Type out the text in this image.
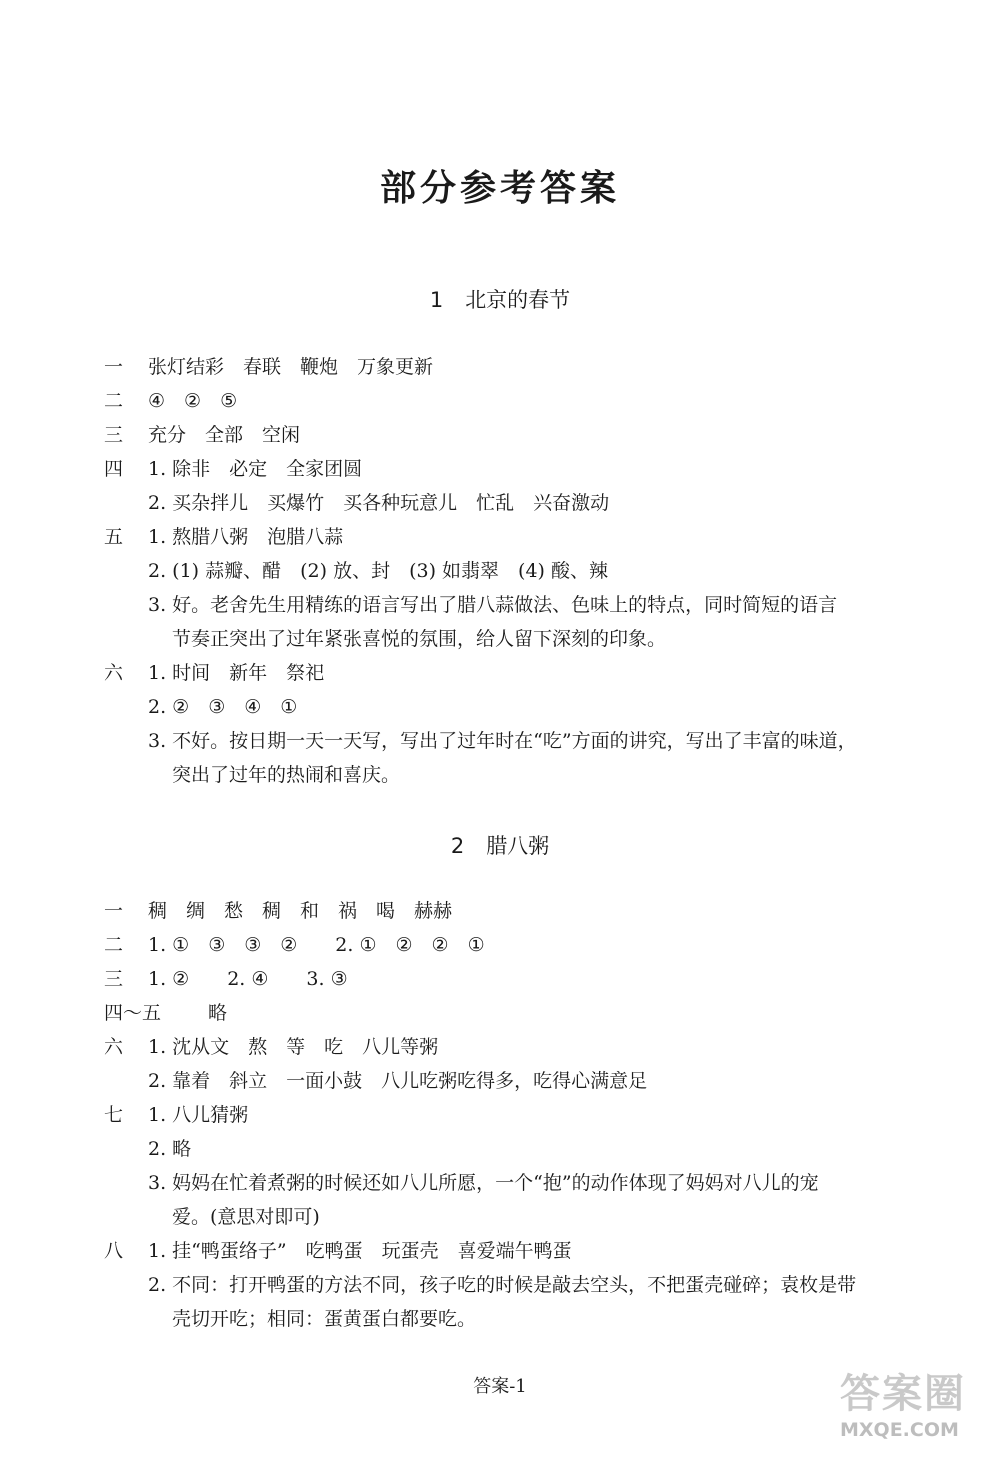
部分参考答案
1 北京的春节
一 张灯结彩　春联　鞭炮　万象更新
二 ④　②　⑤
三 充分　全部　空闲
四 1. 除非　必定　全家团圆
2. 买杂拌儿　买爆竹　买各种玩意儿　忙乱　兴奋激动
五 1. 熬腊八粥　泡腊八蒜
2. (1) 蒜瓣、醋　(2) 放、封　(3) 如翡翠　(4) 酸、辣
3. 好。老舍先生用精练的语言写出了腊八蒜做法、色味上的特点，同时简短的语言
节奏正突出了过年紧张喜悦的氛围，给人留下深刻的印象。
六 1. 时间　新年　祭祀
2. ②　③　④　①
3. 不好。按日期一天一天写，写出了过年时在“吃”方面的讲究，写出了丰富的味道，
突出了过年的热闹和喜庆。
2 腊八粥
一 稠　绸　愁　稠　和　祸　喝　赫赫
二 1. ①　③　③　②　　2. ①　②　②　①
三 1. ②　　2. ④　　3. ③
四～五 略
六 1. 沈从文　熬　等　吃　八儿等粥
2. 靠着　斜立　一面小鼓　八儿吃粥吃得多，吃得心满意足
七 1. 八儿猜粥
2. 略
3. 妈妈在忙着煮粥的时候还如八儿所愿，一个“抱”的动作体现了妈妈对八儿的宠
爱。(意思对即可)
八 1. 挂“鸭蛋络子”　吃鸭蛋　玩蛋壳　喜爱端午鸭蛋
2. 不同：打开鸭蛋的方法不同，孩子吃的时候是敲去空头，不把蛋壳碰碎；袁枚是带
壳切开吃；相同：蛋黄蛋白都要吃。
答案-1	答案圈
MXQE.COM
